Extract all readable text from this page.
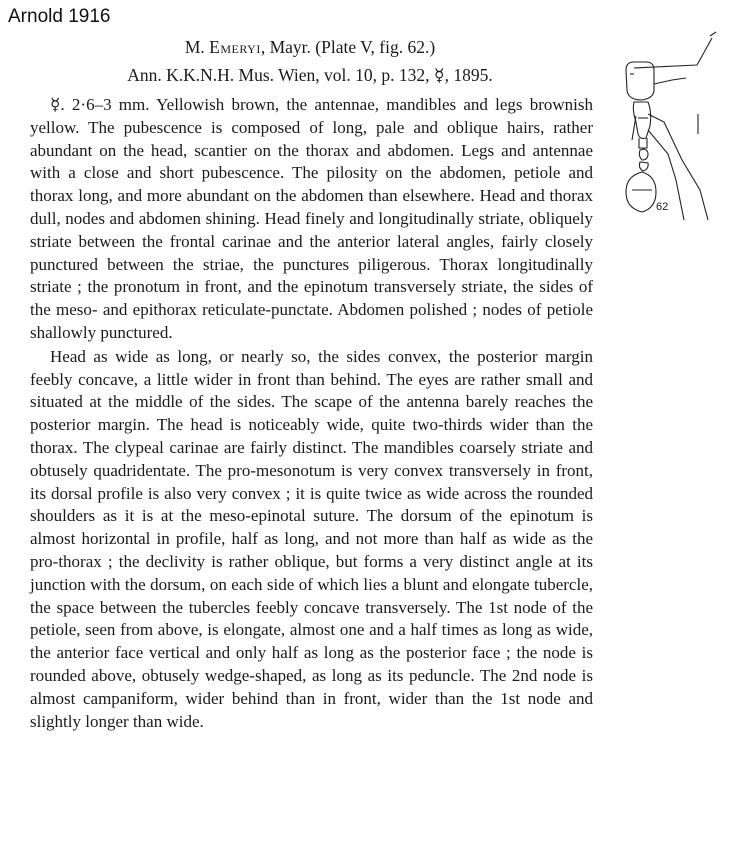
Arnold 1916
M. Emeryi, Mayr. (Plate V, fig. 62.)
Ann. K.K.N.H. Mus. Wien, vol. 10, p. 132, ☿, 1895.

☿. 2·6–3 mm. Yellowish brown, the antennae, mandibles and legs brownish yellow. The pubescence is composed of long, pale and oblique hairs, rather abundant on the head, scantier on the thorax and abdomen. Legs and antennae with a close and short pubescence. The pilosity on the abdomen, petiole and thorax long, and more abundant on the abdomen than elsewhere. Head and thorax dull, nodes and abdomen shining. Head finely and longitudinally striate, obliquely striate between the frontal carinae and the anterior lateral angles, fairly closely punctured between the striae, the punctures piligerous. Thorax longitudinally striate ; the pronotum in front, and the epinotum transversely striate, the sides of the meso- and epithorax reticulate-punctate. Abdomen polished ; nodes of petiole shallowly punctured.

Head as wide as long, or nearly so, the sides convex, the posterior margin feebly concave, a little wider in front than behind. The eyes are rather small and situated at the middle of the sides. The scape of the antenna barely reaches the posterior margin. The head is noticeably wide, quite two-thirds wider than the thorax. The clypeal carinae are fairly distinct. The mandibles coarsely striate and obtusely quadridentate. The pro-mesonotum is very convex transversely in front, its dorsal profile is also very convex ; it is quite twice as wide across the rounded shoulders as it is at the meso-epinotal suture. The dorsum of the epinotum is almost horizontal in profile, half as long, and not more than half as wide as the pro-thorax ; the declivity is rather oblique, but forms a very distinct angle at its junction with the dorsum, on each side of which lies a blunt and elongate tubercle, the space between the tubercles feebly concave transversely. The 1st node of the petiole, seen from above, is elongate, almost one and a half times as long as wide, the anterior face vertical and only half as long as the posterior face ; the node is rounded above, obtusely wedge-shaped, as long as its peduncle. The 2nd node is almost campaniform, wider behind than in front, wider than the 1st node and slightly longer than wide.

62
